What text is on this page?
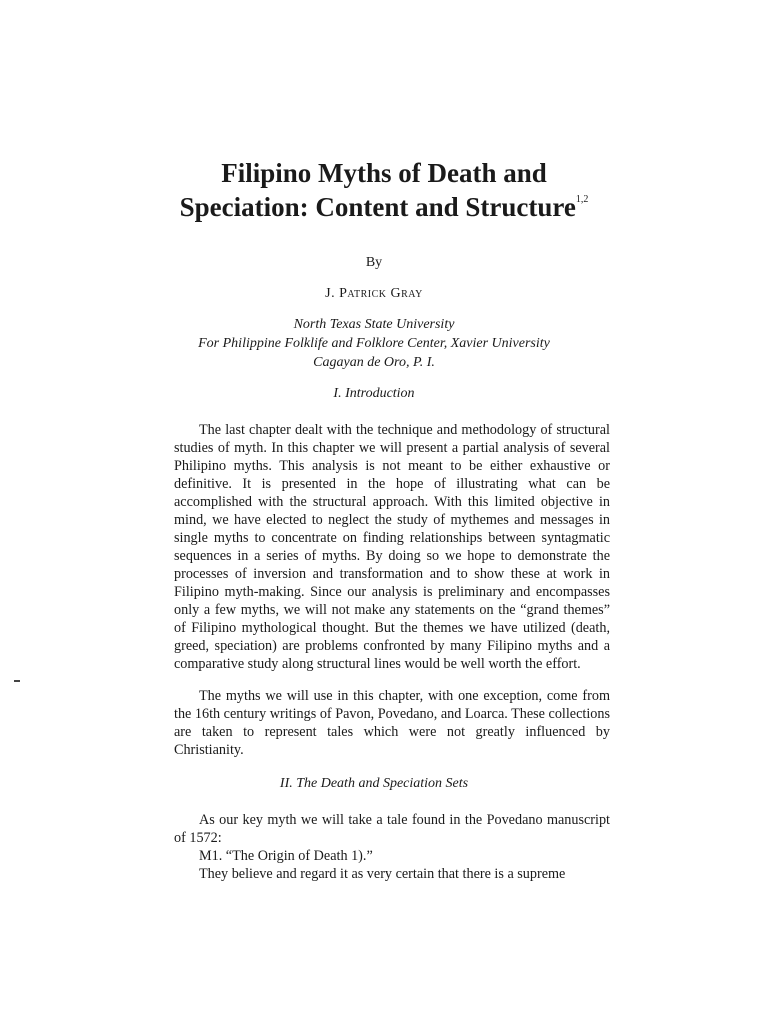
Filipino Myths of Death and
Speciation: Content and Structure$^{1,2}$

By

J. Patrick Gray

North Texas State University

For Philippine Folklife and Folklore Center, Xavier University

Cagayan de Oro, P. I.

I. Introduction

The last chapter dealt with the technique and methodology of structural studies of myth. In this chapter we will present a partial analysis of several Philipino myths. This analysis is not meant to be either exhaustive or definitive. It is presented in the hope of illustrating what can be accomplished with the structural approach. With this limited objective in mind, we have elected to neglect the study of mythemes and messages in single myths to concentrate on finding relationships between syntagmatic sequences in a series of myths. By doing so we hope to demonstrate the processes of inversion and transformation and to show these at work in Filipino myth-making. Since our analysis is preliminary and encompasses only a few myths, we will not make any statements on the “grand themes” of Filipino mythological thought. But the themes we have utilized (death, greed, speciation) are problems confronted by many Filipino myths and a comparative study along structural lines would be well worth the effort.

The myths we will use in this chapter, with one exception, come from the 16th century writings of Pavon, Povedano, and Loarca. These collections are taken to represent tales which were not greatly influenced by Christianity.

II. The Death and Speciation Sets

As our key myth we will take a tale found in the Povedano manuscript of 1572:

M1. “The Origin of Death 1).”

They believe and regard it as very certain that there is a supreme
